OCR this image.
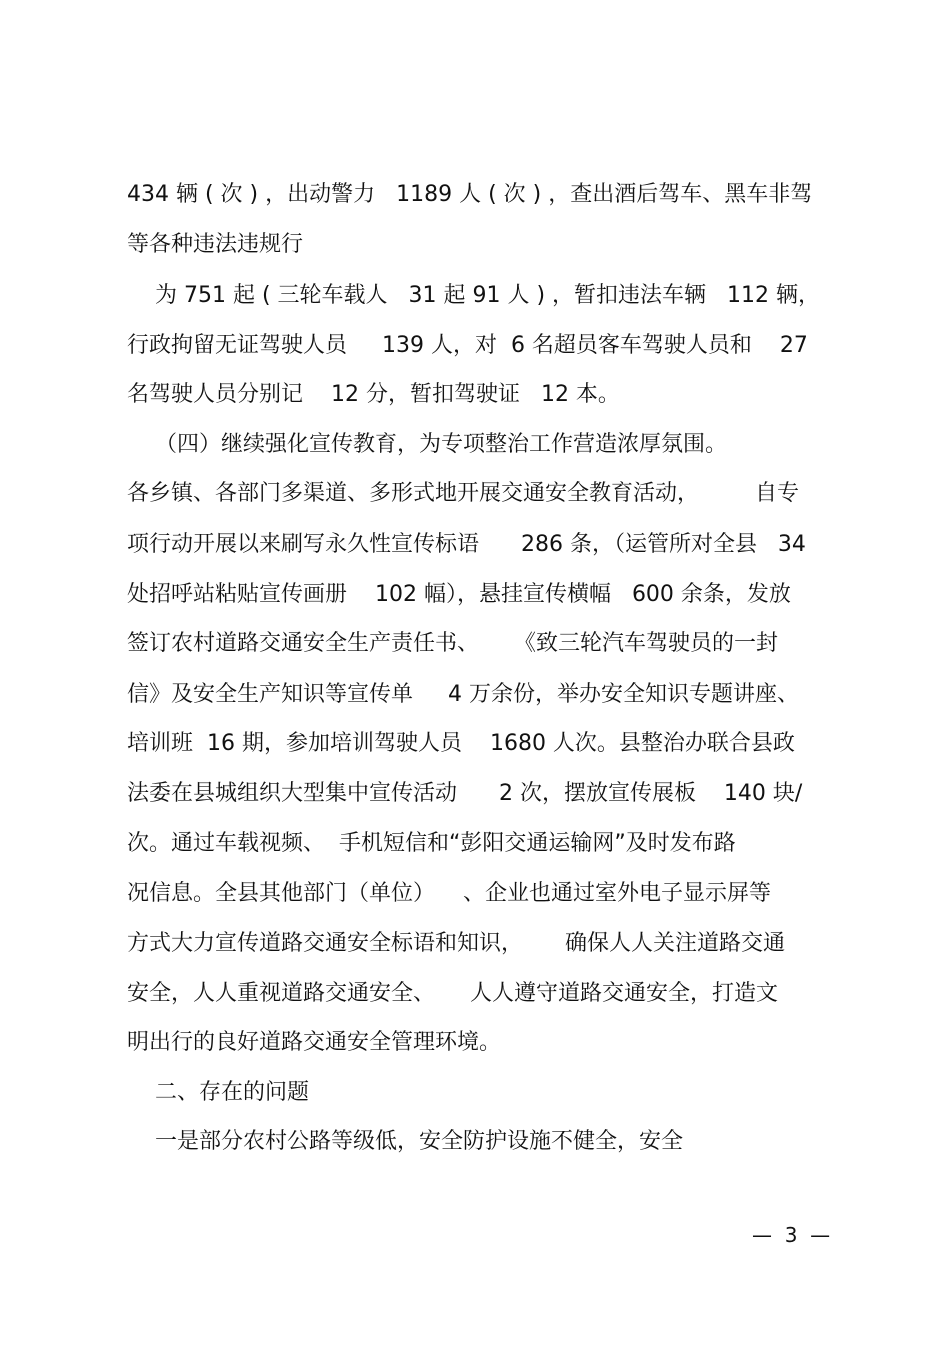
434 辆 ( 次 ) ，出动警力   1189 人 ( 次 ) ，查出酒后驾车、黑车非驾
等各种违法违规行
为 751 起 ( 三轮车载人   31 起 91 人 ) ，暂扣违法车辆   112 辆，
行政拘留无证驾驶人员     139 人，对  6 名超员客车驾驶人员和    27
名驾驶人员分别记    12 分，暂扣驾驶证   12 本。
（四）继续强化宣传教育，为专项整治工作营造浓厚氛围。
各乡镇、各部门多渠道、多形式地开展交通安全教育活动，        自专
项行动开展以来刷写永久性宣传标语      286 条，（运管所对全县   34
处招呼站粘贴宣传画册    102 幅），悬挂宣传横幅   600 余条，发放
签订农村道路交通安全生产责任书、     《致三轮汽车驾驶员的一封
信》及安全生产知识等宣传单     4 万余份，举办安全知识专题讲座、
培训班  16 期，参加培训驾驶人员    1680 人次。县整治办联合县政
法委在县城组织大型集中宣传活动      2 次，摆放宣传展板    140 块/
次。通过车载视频、  手机短信和“彭阳交通运输网”及时发布路
况信息。全县其他部门（单位）    、企业也通过室外电子显示屏等
方式大力宣传道路交通安全标语和知识，      确保人人关注道路交通
安全，人人重视道路交通安全、     人人遵守道路交通安全，打造文
明出行的良好道路交通安全管理环境。
二、存在的问题
一是部分农村公路等级低，安全防护设施不健全，安全
—  3  —
